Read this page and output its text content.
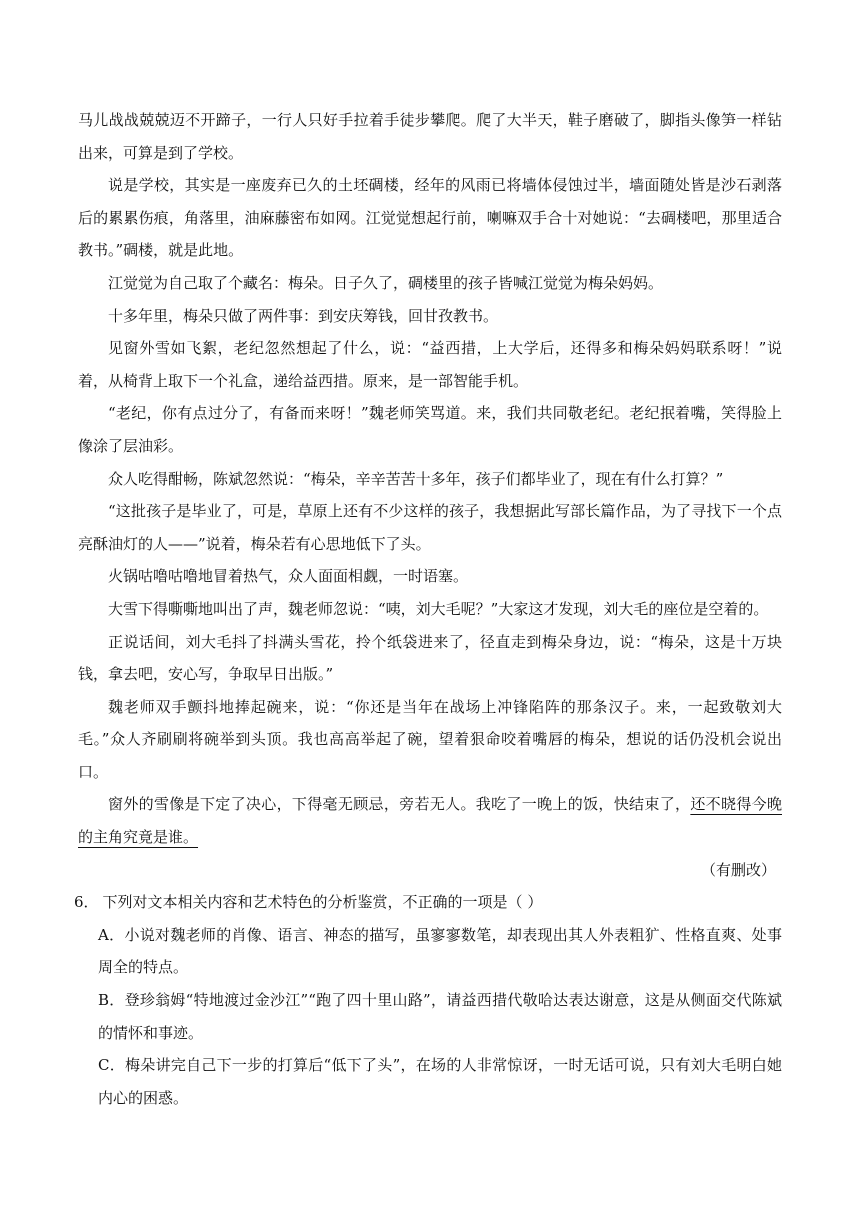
马儿战战兢兢迈不开蹄子，一行人只好手拉着手徒步攀爬。爬了大半天，鞋子磨破了，脚指头像笋一样钻出来，可算是到了学校。

说是学校，其实是一座废弃已久的土坯碉楼，经年的风雨已将墙体侵蚀过半，墙面随处皆是沙石剥落后的累累伤痕，角落里，油麻藤密布如网。江觉觉想起行前，喇嘛双手合十对她说：“去碉楼吧，那里适合教书。”碉楼，就是此地。

江觉觉为自己取了个藏名：梅朵。日子久了，碉楼里的孩子皆喊江觉觉为梅朵妈妈。

十多年里，梅朵只做了两件事：到安庆筹钱，回甘孜教书。

见窗外雪如飞絮，老纪忽然想起了什么，说：“益西措，上大学后，还得多和梅朵妈妈联系呀！”说着，从椅背上取下一个礼盒，递给益西措。原来，是一部智能手机。

“老纪，你有点过分了，有备而来呀！”魏老师笑骂道。来，我们共同敬老纪。老纪抿着嘴，笑得脸上像涂了层油彩。

众人吃得酣畅，陈斌忽然说：“梅朵，辛辛苦苦十多年，孩子们都毕业了，现在有什么打算？”

“这批孩子是毕业了，可是，草原上还有不少这样的孩子，我想据此写部长篇作品，为了寻找下一个点亮酥油灯的人——”说着，梅朵若有心思地低下了头。

火锅咕噜咕噜地冒着热气，众人面面相觑，一时语塞。

大雪下得嘶嘶地叫出了声，魏老师忽说：“咦，刘大毛呢？”大家这才发现，刘大毛的座位是空着的。

正说话间，刘大毛抖了抖满头雪花，拎个纸袋进来了，径直走到梅朵身边，说：“梅朵，这是十万块钱，拿去吧，安心写，争取早日出版。”

魏老师双手颤抖地捧起碗来，说：“你还是当年在战场上冲锋陷阵的那条汉子。来，一起致敬刘大毛。”众人齐刷刷将碗举到头顶。我也高高举起了碗，望着狠命咬着嘴唇的梅朵，想说的话仍没机会说出口。

窗外的雪像是下定了决心，下得毫无顾忌，旁若无人。我吃了一晚上的饭，快结束了，还不晓得今晚的主角究竟是谁。

（有删改）

6． 下列对文本相关内容和艺术特色的分析鉴赏，不正确的一项是（ ）

A．小说对魏老师的肖像、语言、神态的描写，虽寥寥数笔，却表现出其人外表粗犷、性格直爽、处事周全的特点。

B．登珍翁姆“特地渡过金沙江”“跑了四十里山路”，请益西措代敬哈达表达谢意，这是从侧面交代陈斌的情怀和事迹。

C．梅朵讲完自己下一步的打算后“低下了头”，在场的人非常惊讶，一时无话可说，只有刘大毛明白她内心的困惑。
